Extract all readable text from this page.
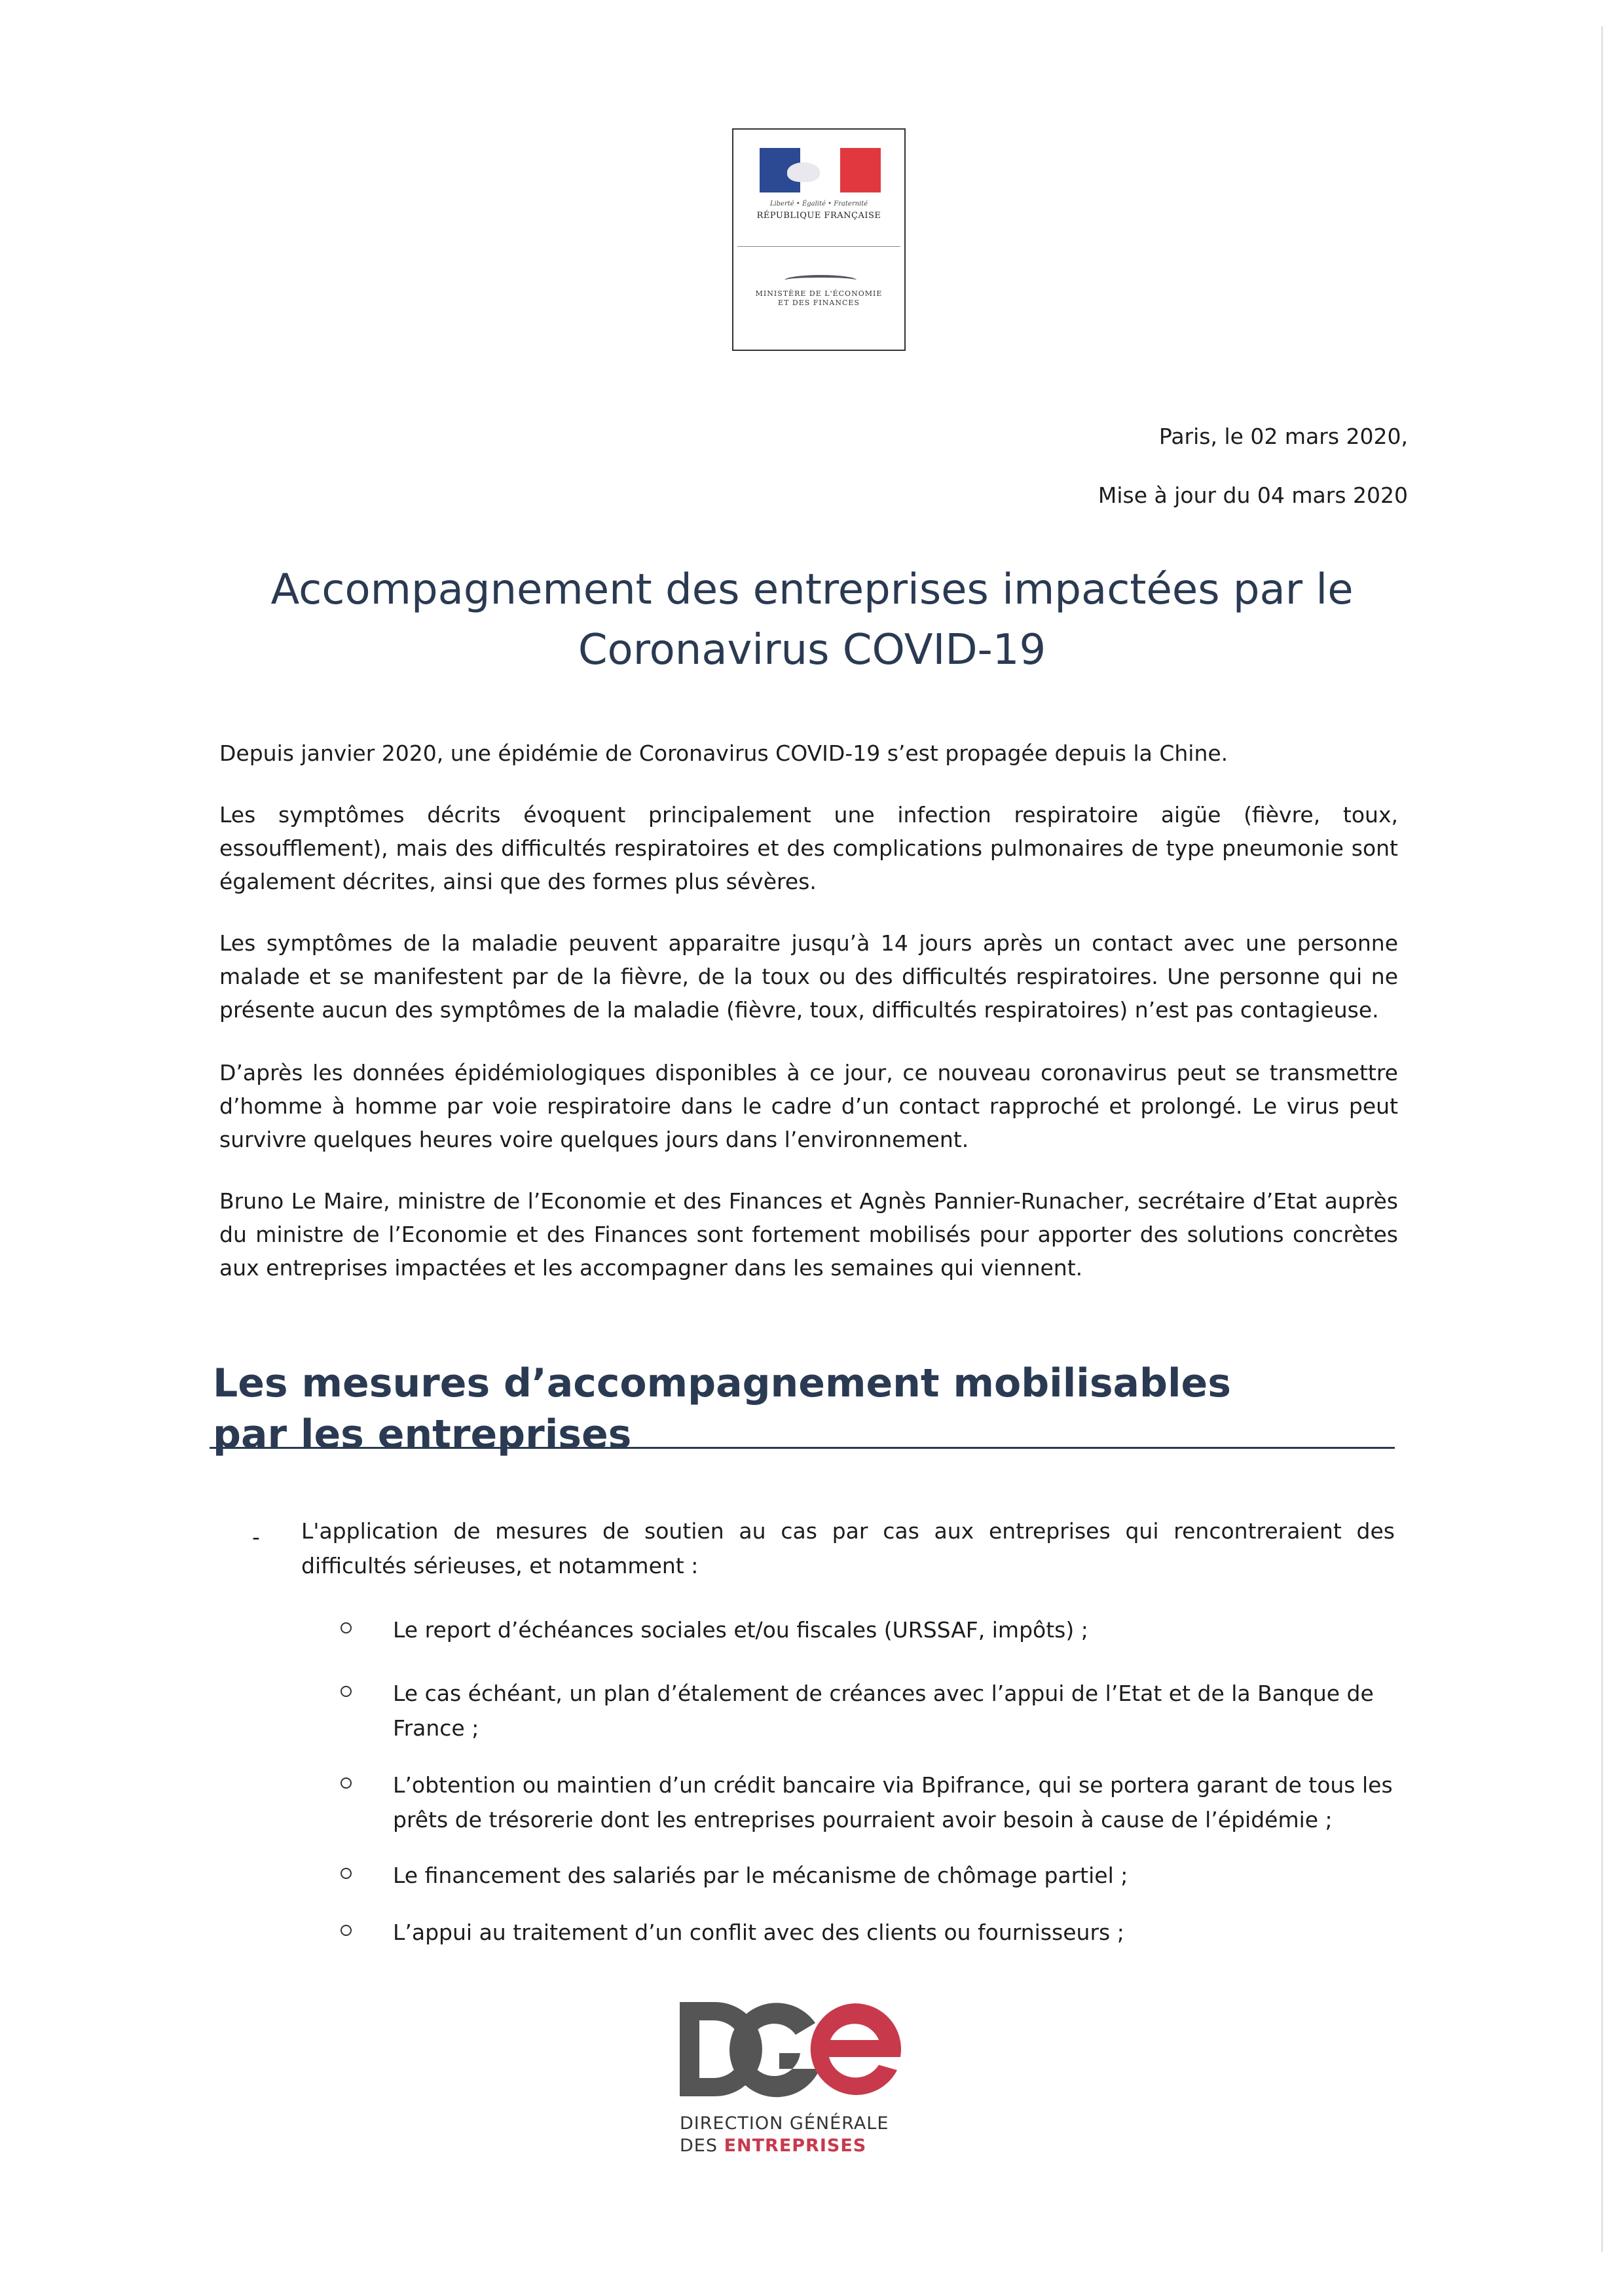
Liberté • Égalité • Fraternité
RÉPUBLIQUE FRANÇAISE
MINISTÈRE DE L'ÉCONOMIE
ET DES FINANCES
Paris, le 02 mars 2020,
Mise à jour du 04 mars 2020
Accompagnement des entreprises impactées par le Coronavirus COVID-19

Depuis janvier 2020, une épidémie de Coronavirus COVID-19 s’est propagée depuis la Chine.

Les symptômes décrits évoquent principalement une infection respiratoire aigüe (fièvre, toux, essoufflement), mais des difficultés respiratoires et des complications pulmonaires de type pneumonie sont également décrites, ainsi que des formes plus sévères.

Les symptômes de la maladie peuvent apparaitre jusqu’à 14 jours après un contact avec une personne malade et se manifestent par de la fièvre, de la toux ou des difficultés respiratoires. Une personne qui ne présente aucun des symptômes de la maladie (fièvre, toux, difficultés respiratoires) n’est pas contagieuse.

D’après les données épidémiologiques disponibles à ce jour, ce nouveau coronavirus peut se transmettre d’homme à homme par voie respiratoire dans le cadre d’un contact rapproché et prolongé. Le virus peut survivre quelques heures voire quelques jours dans l’environnement.

Bruno Le Maire, ministre de l’Economie et des Finances et Agnès Pannier-Runacher, secrétaire d’Etat auprès du ministre de l’Economie et des Finances sont fortement mobilisés pour apporter des solutions concrètes aux entreprises impactées et les accompagner dans les semaines qui viennent.

Les mesures d’accompagnement mobilisables par les entreprises
- L'application de mesures de soutien au cas par cas aux entreprises qui rencontreraient des difficultés sérieuses, et notamment :
Le report d’échéances sociales et/ou fiscales (URSSAF, impôts) ;
Le cas échéant, un plan d’étalement de créances avec l’appui de l’Etat et de la Banque de France ;
L’obtention ou maintien d’un crédit bancaire via Bpifrance, qui se portera garant de tous les prêts de trésorerie dont les entreprises pourraient avoir besoin à cause de l’épidémie ;
Le financement des salariés par le mécanisme de chômage partiel ;
L’appui au traitement d’un conflit avec des clients ou fournisseurs ;
DIRECTION GÉNÉRALE
DES ENTREPRISES
